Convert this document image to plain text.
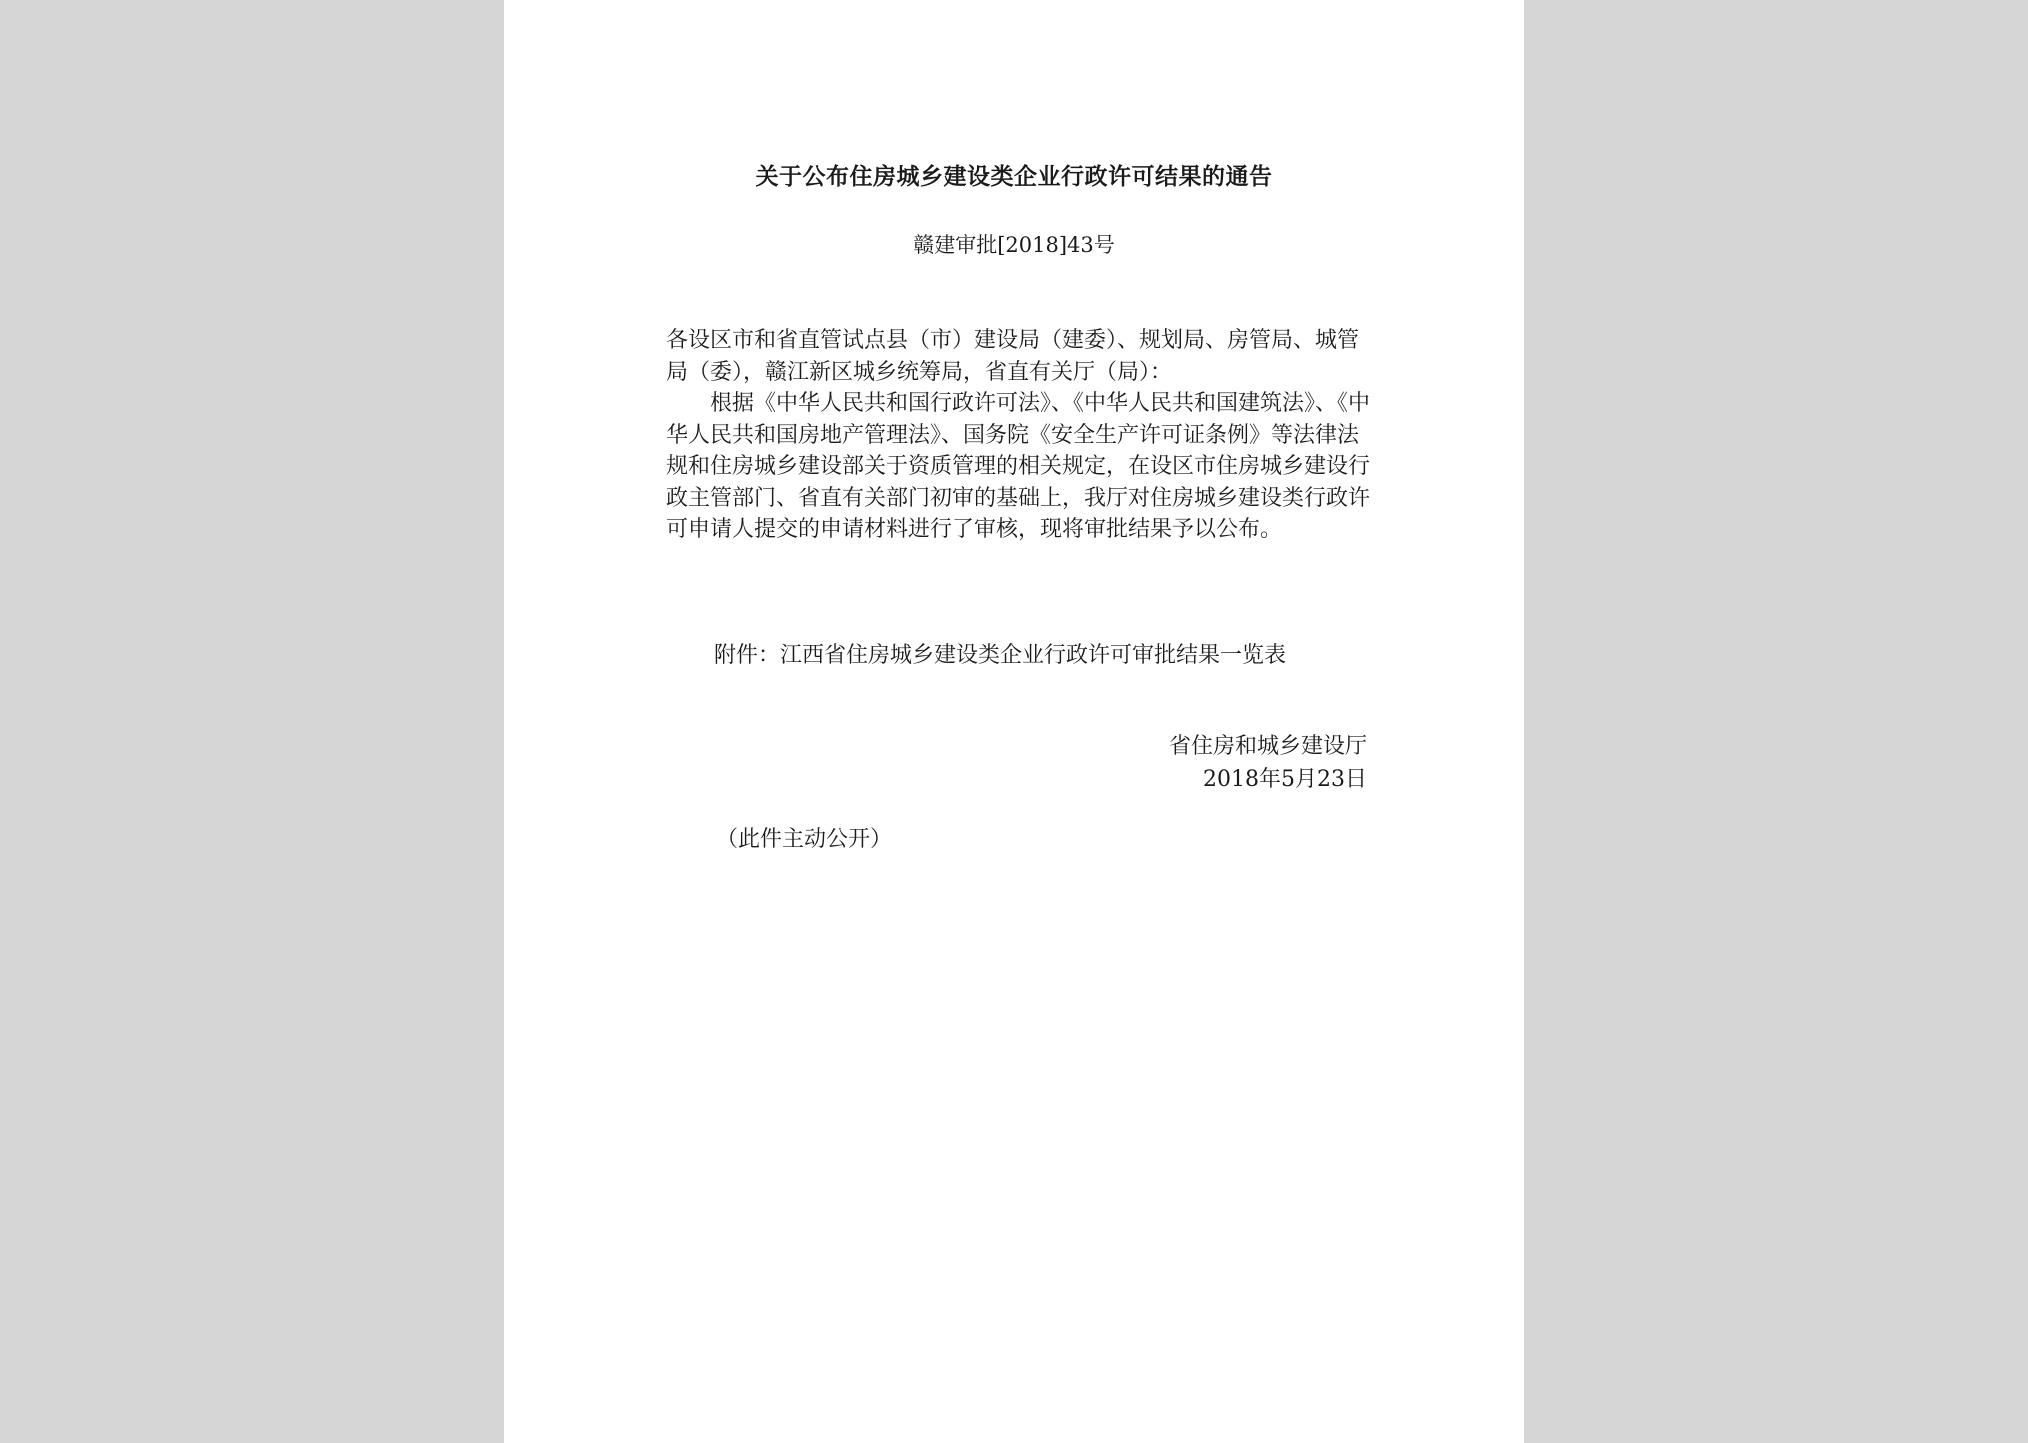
关于公布住房城乡建设类企业行政许可结果的通告
赣建审批[2018]43号

各设区市和省直管试点县（市）建设局（建委）、规划局、房管局、城管局（委），赣江新区城乡统筹局，省直有关厅（局）：

根据《中华人民共和国行政许可法》、《中华人民共和国建筑法》、《中华人民共和国房地产管理法》、国务院《安全生产许可证条例》等法律法规和住房城乡建设部关于资质管理的相关规定，在设区市住房城乡建设行政主管部门、省直有关部门初审的基础上，我厅对住房城乡建设类行政许可申请人提交的申请材料进行了审核，现将审批结果予以公布。

附件：江西省住房城乡建设类企业行政许可审批结果一览表
省住房和城乡建设厅
2018年5月23日
（此件主动公开）
